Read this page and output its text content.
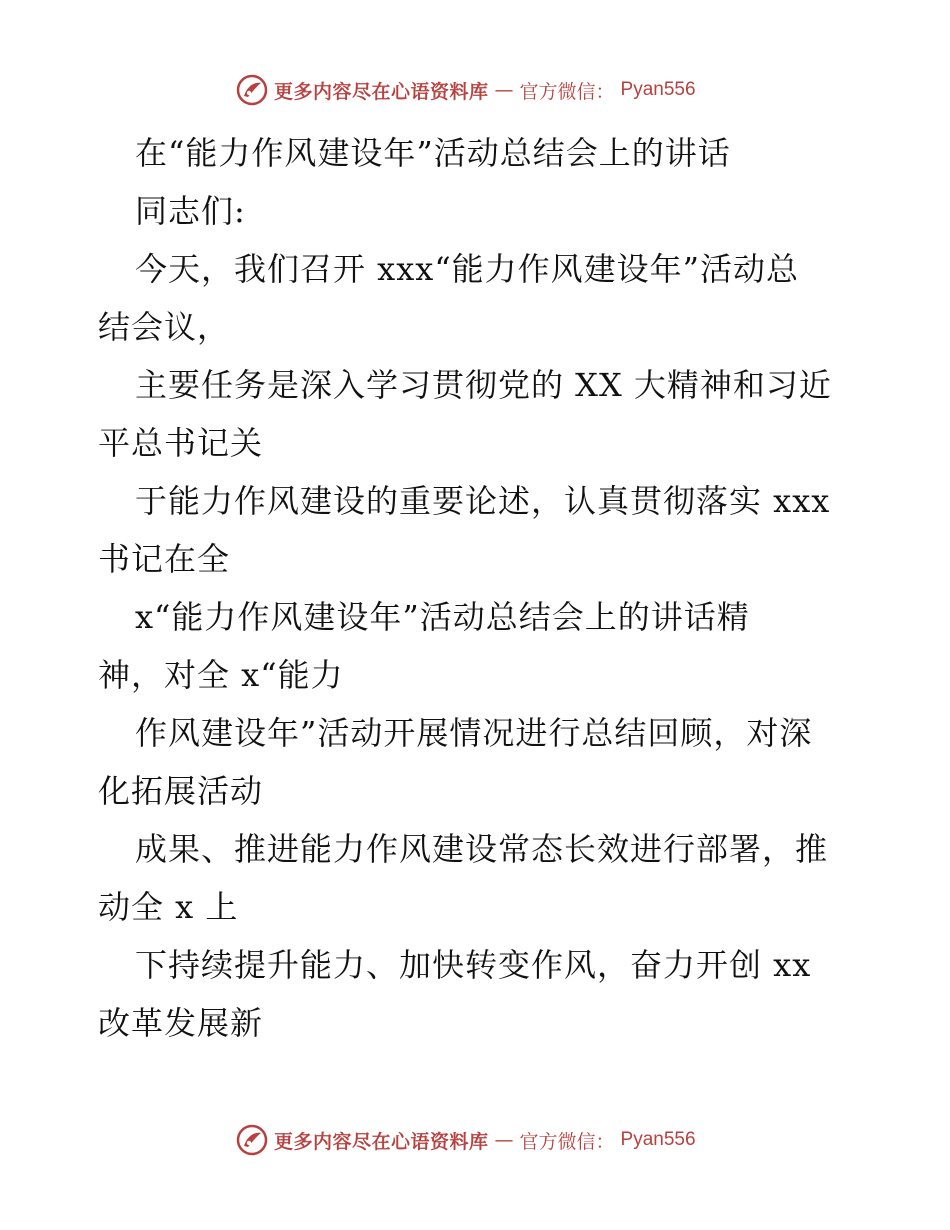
更多内容尽在心语资料库 — 官方微信： Pyan556
在“能力作风建设年”活动总结会上的讲话
同志们:
今天，我们召开 xxx“能力作风建设年”活动总
结会议，
主要任务是深入学习贯彻党的 XX 大精神和习近
平总书记关
于能力作风建设的重要论述，认真贯彻落实 xxx
书记在全
x“能力作风建设年”活动总结会上的讲话精
神，对全 x“能力
作风建设年”活动开展情况进行总结回顾，对深
化拓展活动
成果、推进能力作风建设常态长效进行部署，推
动全 x 上
下持续提升能力、加快转变作风，奋力开创 xx
改革发展新
更多内容尽在心语资料库 — 官方微信： Pyan556
